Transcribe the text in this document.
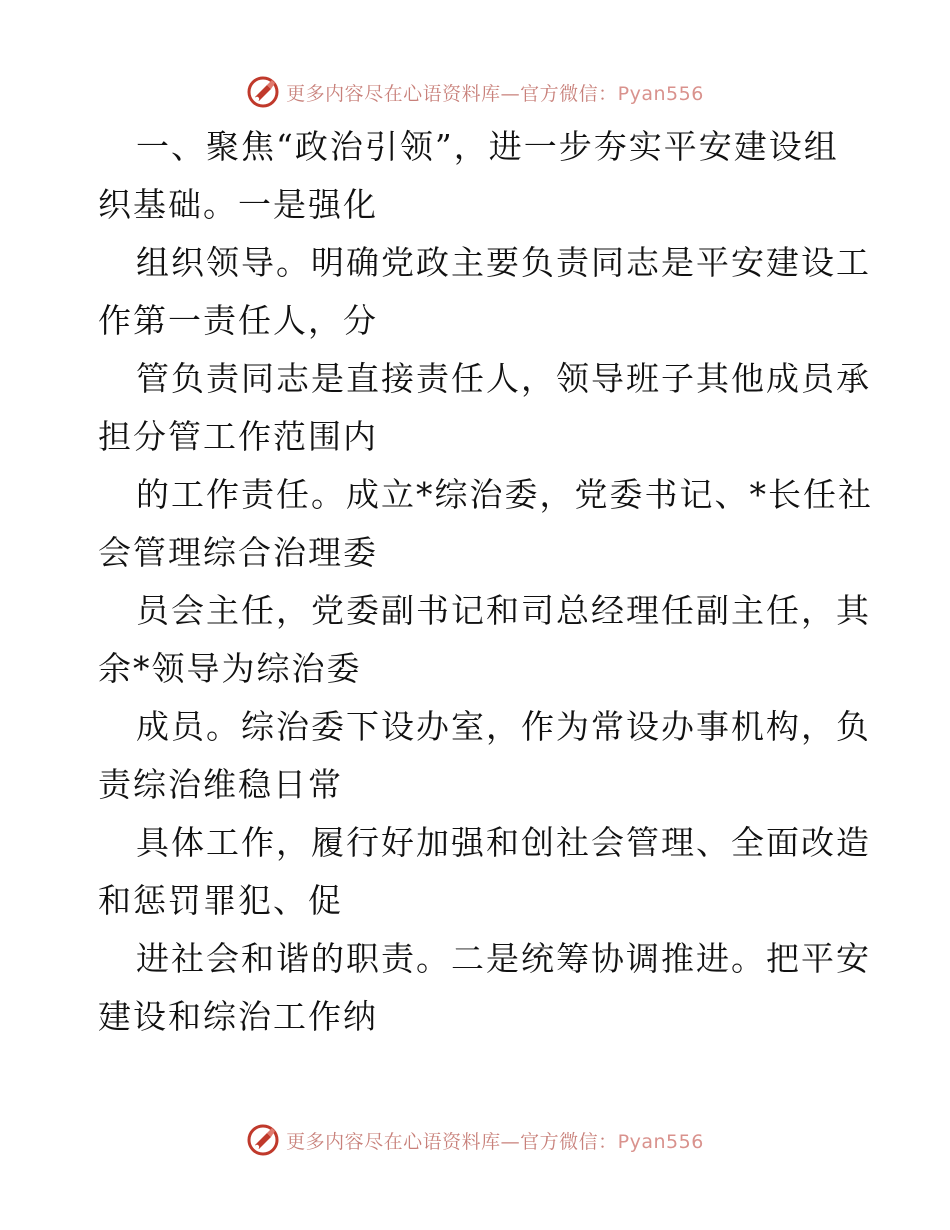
更多内容尽在心语资料库—官方微信：Pyan556
一、聚焦“政治引领”，进一步夯实平安建设组
织基础。一是强化
组织领导。明确党政主要负责同志是平安建设工
作第一责任人，分
管负责同志是直接责任人，领导班子其他成员承
担分管工作范围内
的工作责任。成立*综治委，党委书记、*长任社
会管理综合治理委
员会主任，党委副书记和司总经理任副主任，其
余*领导为综治委
成员。综治委下设办室，作为常设办事机构，负
责综治维稳日常
具体工作，履行好加强和创社会管理、全面改造
和惩罚罪犯、促
进社会和谐的职责。二是统筹协调推进。把平安
建设和综治工作纳
更多内容尽在心语资料库—官方微信：Pyan556
